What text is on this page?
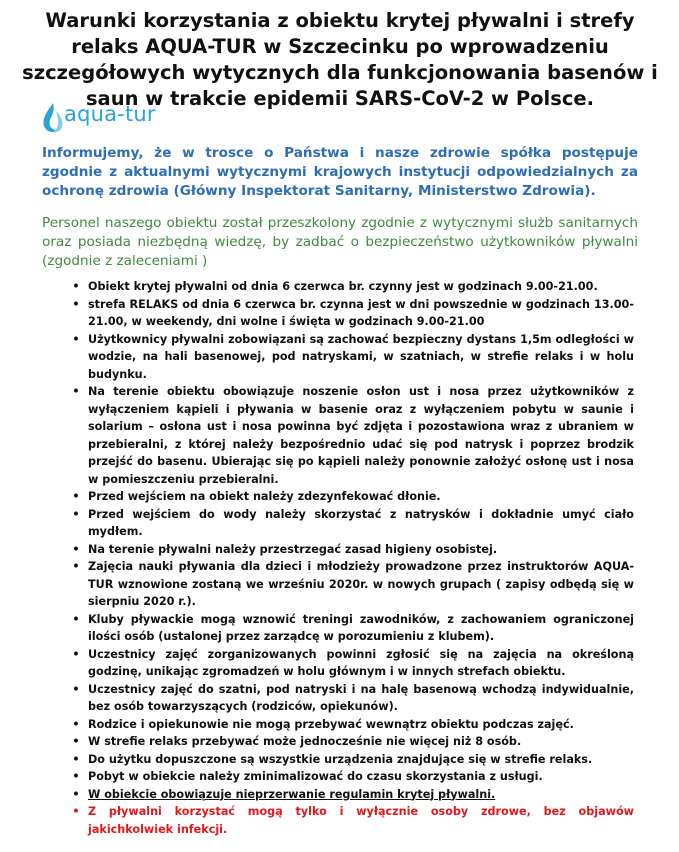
Warunki korzystania z obiektu krytej pływalni i strefy relaks AQUA-TUR w Szczecinku po wprowadzeniu szczegółowych wytycznych dla funkcjonowania basenów i saun w trakcie epidemii SARS-CoV-2 w Polsce.
aqua-tur
Informujemy, że w trosce o Państwa i nasze zdrowie spółka postępuje zgodnie z aktualnymi wytycznymi krajowych instytucji odpowiedzialnych za ochronę zdrowia (Główny Inspektorat Sanitarny, Ministerstwo Zdrowia).
Personel naszego obiektu został przeszkolony zgodnie z wytycznymi służb sanitarnych oraz posiada niezbędną wiedzę, by zadbać o bezpieczeństwo użytkowników pływalni (zgodnie z zaleceniami )
• Obiekt krytej pływalni od dnia 6 czerwca br. czynny jest w godzinach 9.00-21.00.
• strefa RELAKS od dnia 6 czerwca br. czynna jest w dni powszednie w godzinach 13.00-21.00, w weekendy, dni wolne i święta w godzinach 9.00-21.00
• Użytkownicy pływalni zobowiązani są zachować bezpieczny dystans 1,5m odległości w wodzie, na hali basenowej, pod natryskami, w szatniach, w strefie relaks i w holu budynku.
• Na terenie obiektu obowiązuje noszenie osłon ust i nosa przez użytkowników z wyłączeniem kąpieli i pływania w basenie oraz z wyłączeniem pobytu w saunie i solarium – osłona ust i nosa powinna być zdjęta i pozostawiona wraz z ubraniem w przebieralni, z której należy bezpośrednio udać się pod natrysk i poprzez brodzik przejść do basenu. Ubierając się po kąpieli należy ponownie założyć osłonę ust i nosa w pomieszczeniu przebieralni.
• Przed wejściem na obiekt należy zdezynfekować dłonie.
• Przed wejściem do wody należy skorzystać z natrysków i dokładnie umyć ciało mydłem.
• Na terenie pływalni należy przestrzegać zasad higieny osobistej.
• Zajęcia nauki pływania dla dzieci i młodzieży prowadzone przez instruktorów AQUA-TUR wznowione zostaną we wrześniu 2020r. w nowych grupach ( zapisy odbędą się w sierpniu 2020 r.).
• Kluby pływackie mogą wznowić treningi zawodników, z zachowaniem ograniczonej ilości osób (ustalonej przez zarządcę w porozumieniu z klubem).
• Uczestnicy zajęć zorganizowanych powinni zgłosić się na zajęcia na określoną godzinę, unikając zgromadzeń w holu głównym i w innych strefach obiektu.
• Uczestnicy zajęć do szatni, pod natryski i na halę basenową wchodzą indywidualnie, bez osób towarzyszących (rodziców, opiekunów).
• Rodzice i opiekunowie nie mogą przebywać wewnątrz obiektu podczas zajęć.
• W strefie relaks przebywać może jednocześnie nie więcej niż 8 osób.
• Do użytku dopuszczone są wszystkie urządzenia znajdujące się w strefie relaks.
• Pobyt w obiekcie należy zminimalizować do czasu skorzystania z usługi.
• W obiekcie obowiązuje nieprzerwanie regulamin krytej pływalni.
• Z pływalni korzystać mogą tylko i wyłącznie osoby zdrowe, bez objawów jakichkolwiek infekcji.
